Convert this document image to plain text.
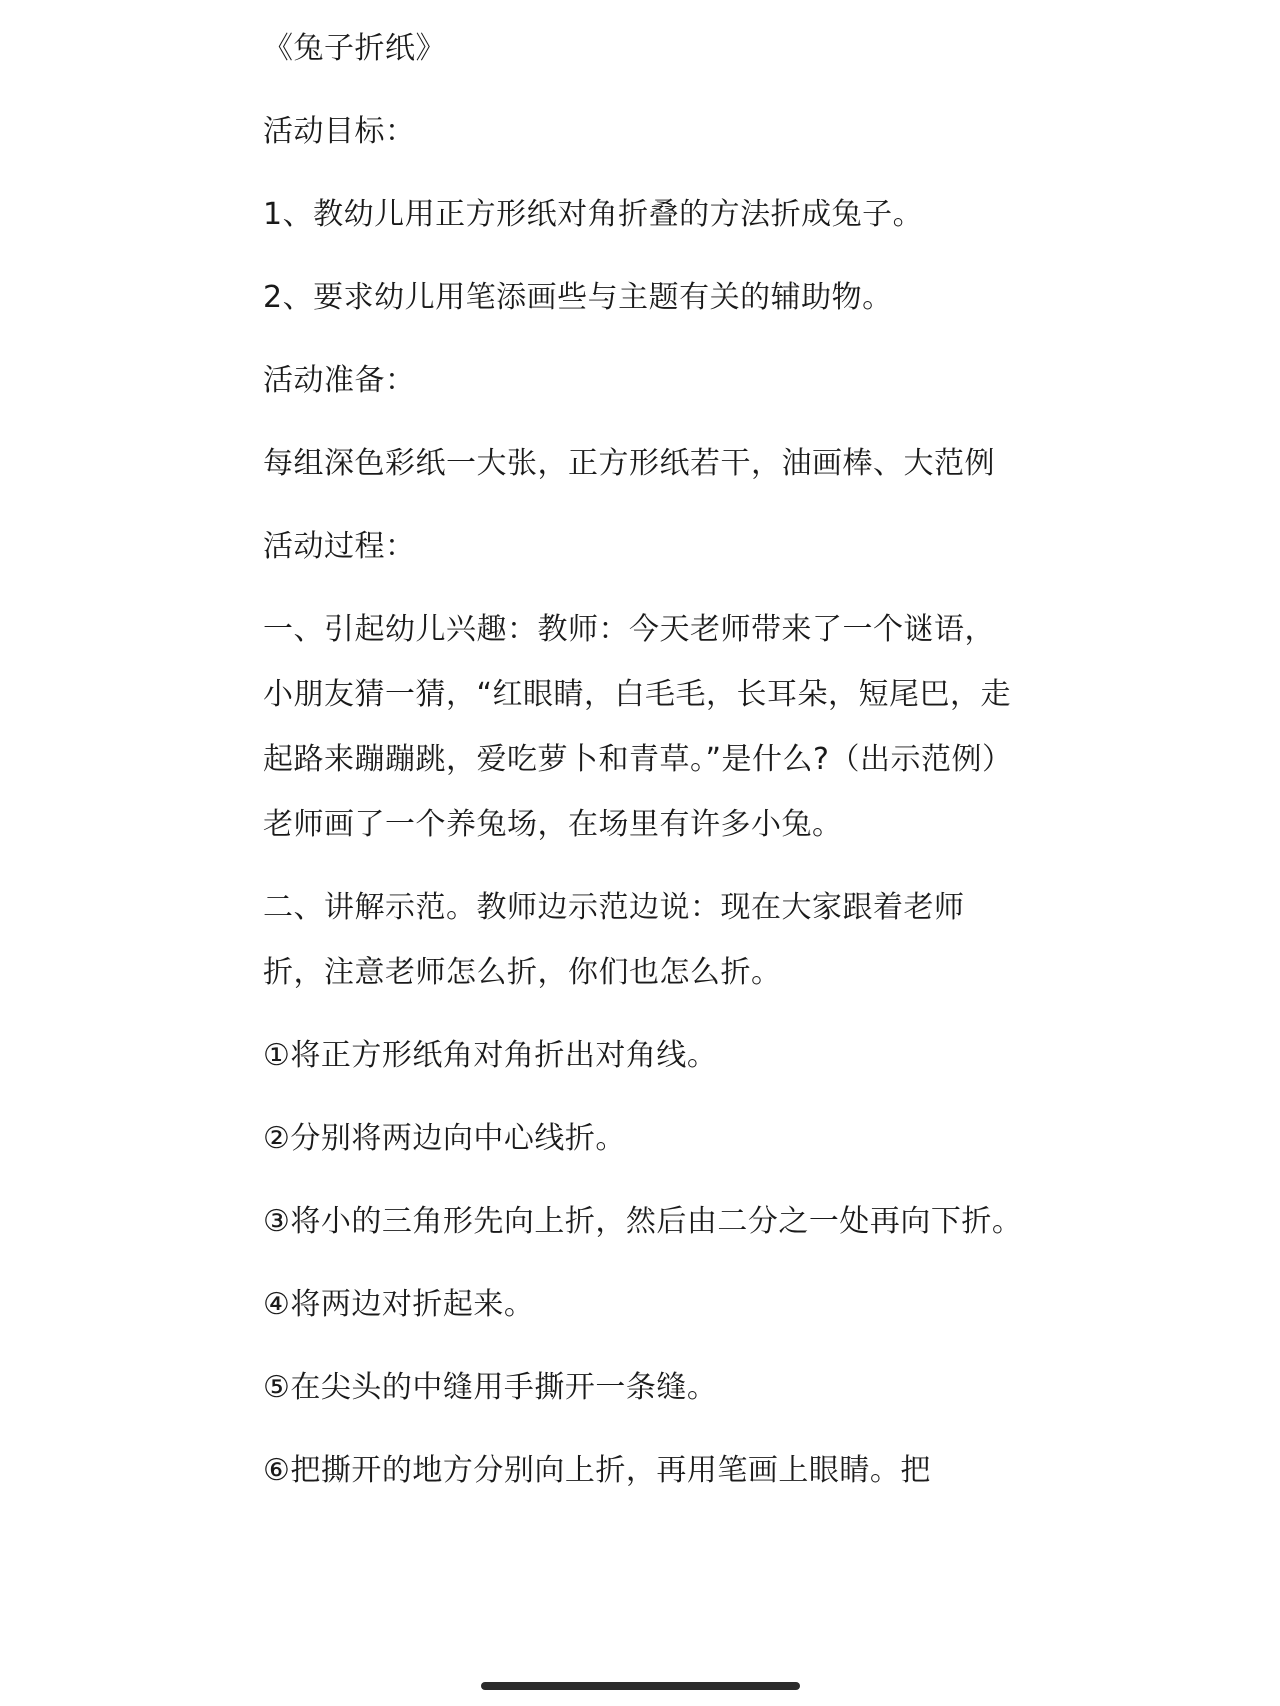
《兔子折纸》

活动目标：

1、教幼儿用正方形纸对角折叠的方法折成兔子。

2、要求幼儿用笔添画些与主题有关的辅助物。

活动准备：

每组深色彩纸一大张，正方形纸若干，油画棒、大范例

活动过程：

一、引起幼儿兴趣：教师：今天老师带来了一个谜语，小朋友猜一猜，“红眼睛，白毛毛，长耳朵，短尾巴，走起路来蹦蹦跳，爱吃萝卜和青草。”是什么?（出示范例）老师画了一个养兔场，在场里有许多小兔。

二、讲解示范。教师边示范边说：现在大家跟着老师折，注意老师怎么折，你们也怎么折。

①将正方形纸角对角折出对角线。

②分别将两边向中心线折。

③将小的三角形先向上折，然后由二分之一处再向下折。

④将两边对折起来。

⑤在尖头的中缝用手撕开一条缝。

⑥把撕开的地方分别向上折，再用笔画上眼睛。把
